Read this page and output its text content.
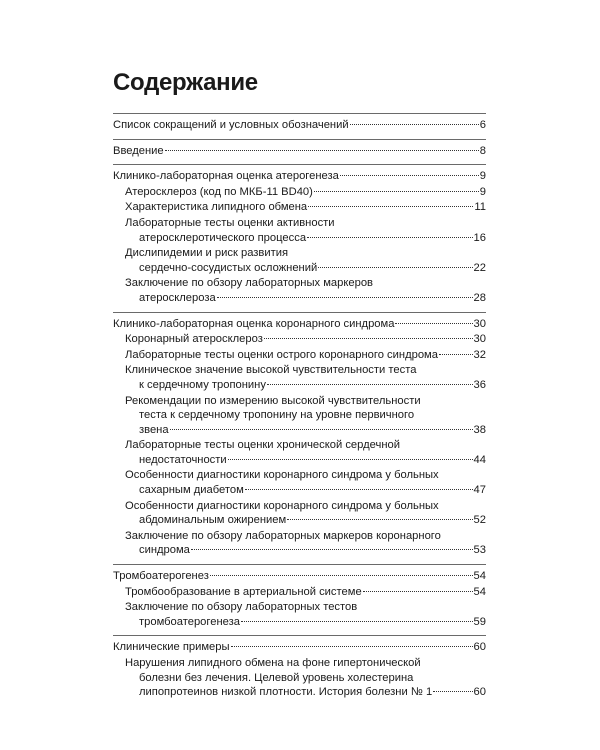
Содержание
Список сокращений и условных обозначений	6
Введение	8
Клинико-лабораторная оценка атерогенеза	9
Атеросклероз (код по МКБ-11 BD40)	9
Характеристика липидного обмена	11
Лабораторные тесты оценки активности
атеросклеротического процесса	16
Дислипидемии и риск развития
сердечно-сосудистых осложнений	22
Заключение по обзору лабораторных маркеров
атеросклероза	28
Клинико-лабораторная оценка коронарного синдрома	30
Коронарный атеросклероз	30
Лабораторные тесты оценки острого коронарного синдрома	32
Клиническое значение высокой чувствительности теста
к сердечному тропонину	36
Рекомендации по измерению высокой чувствительности
теста к сердечному тропонину на уровне первичного
звена	38
Лабораторные тесты оценки хронической сердечной
недостаточности	44
Особенности диагностики коронарного синдрома у больных
сахарным диабетом	47
Особенности диагностики коронарного синдрома у больных
абдоминальным ожирением	52
Заключение по обзору лабораторных маркеров коронарного
синдрома	53
Тромбоатерогенез	54
Тромбообразование в артериальной системе	54
Заключение по обзору лабораторных тестов
тромбоатерогенеза	59
Клинические примеры	60
Нарушения липидного обмена на фоне гипертонической
болезни без лечения. Целевой уровень холестерина
липопротеинов низкой плотности. История болезни № 1	60
